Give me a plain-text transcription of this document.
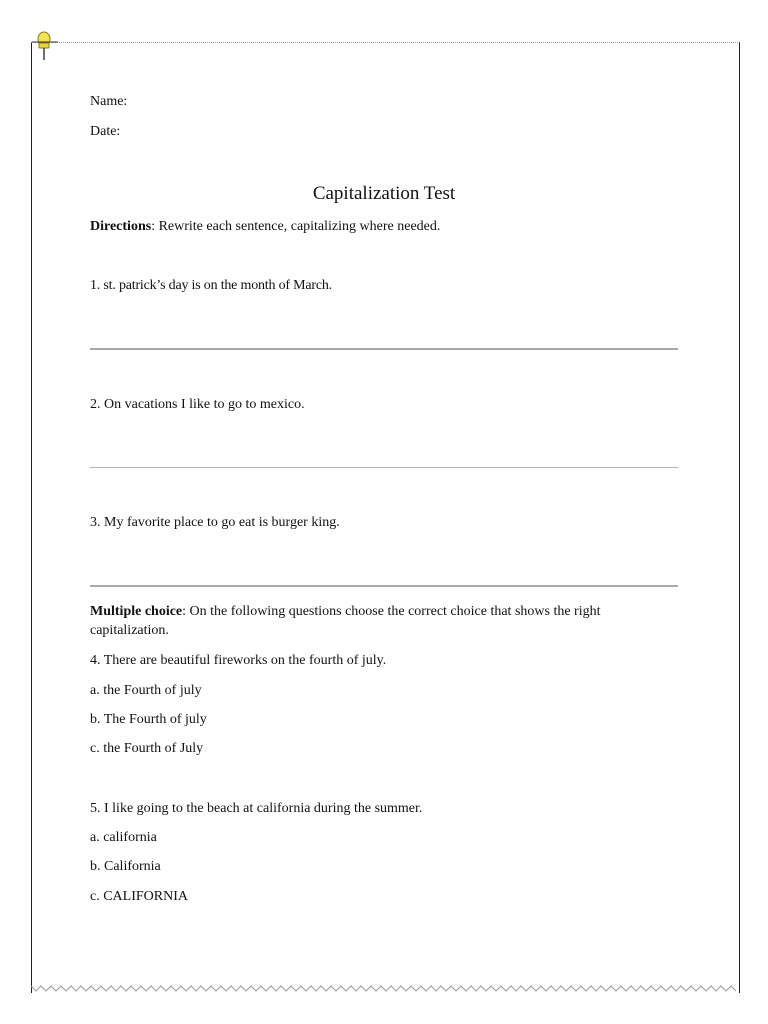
Name:
Date:
Capitalization Test
Directions: Rewrite each sentence, capitalizing where needed.
1. st. patrick’s day is on the month of March.
2. On vacations I like to go to mexico.
3. My favorite place to go eat is burger king.
Multiple choice: On the following questions choose the correct choice that shows the right capitalization.
4. There are beautiful fireworks on the fourth of july.
a. the Fourth of july
b. The Fourth of july
c. the Fourth of July
5. I like going to the beach at california during the summer.
a. california
b. California
c. CALIFORNIA
